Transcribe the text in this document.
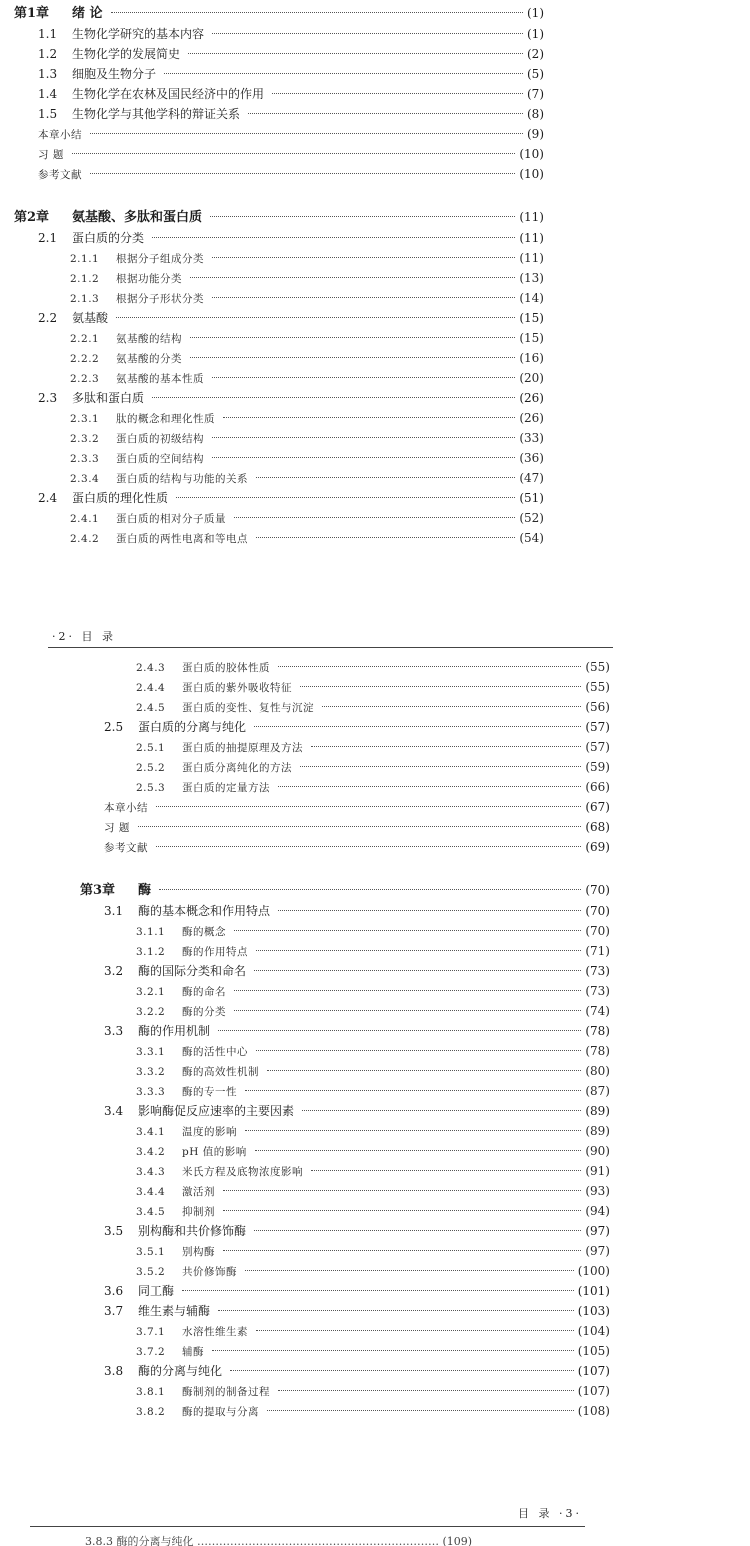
第1章	绪 论	(1)
1.1	生物化学研究的基本内容	(1)
1.2	生物化学的发展简史	(2)
1.3	细胞及生物分子	(5)
1.4	生物化学在农林及国民经济中的作用	(7)
1.5	生物化学与其他学科的辩证关系	(8)
本章小结	(9)
习 题	(10)
参考文献	(10)
第2章	氨基酸、多肽和蛋白质	(11)
2.1	蛋白质的分类	(11)
2.1.1	根据分子组成分类	(11)
2.1.2	根据功能分类	(13)
2.1.3	根据分子形状分类	(14)
2.2	氨基酸	(15)
2.2.1	氨基酸的结构	(15)
2.2.2	氨基酸的分类	(16)
2.2.3	氨基酸的基本性质	(20)
2.3	多肽和蛋白质	(26)
2.3.1	肽的概念和理化性质	(26)
2.3.2	蛋白质的初级结构	(33)
2.3.3	蛋白质的空间结构	(36)
2.3.4	蛋白质的结构与功能的关系	(47)
2.4	蛋白质的理化性质	(51)
2.4.1	蛋白质的相对分子质量	(52)
2.4.2	蛋白质的两性电离和等电点	(54)
·2· 目 录
2.4.3	蛋白质的胶体性质	(55)
2.4.4	蛋白质的紫外吸收特征	(55)
2.4.5	蛋白质的变性、复性与沉淀	(56)
2.5	蛋白质的分离与纯化	(57)
2.5.1	蛋白质的抽提原理及方法	(57)
2.5.2	蛋白质分离纯化的方法	(59)
2.5.3	蛋白质的定量方法	(66)
本章小结	(67)
习 题	(68)
参考文献	(69)
第3章	酶	(70)
3.1	酶的基本概念和作用特点	(70)
3.1.1	酶的概念	(70)
3.1.2	酶的作用特点	(71)
3.2	酶的国际分类和命名	(73)
3.2.1	酶的命名	(73)
3.2.2	酶的分类	(74)
3.3	酶的作用机制	(78)
3.3.1	酶的活性中心	(78)
3.3.2	酶的高效性机制	(80)
3.3.3	酶的专一性	(87)
3.4	影响酶促反应速率的主要因素	(89)
3.4.1	温度的影响	(89)
3.4.2	pH 值的影响	(90)
3.4.3	米氏方程及底物浓度影响	(91)
3.4.4	激活剂	(93)
3.4.5	抑制剂	(94)
3.5	别构酶和共价修饰酶	(97)
3.5.1	别构酶	(97)
3.5.2	共价修饰酶	(100)
3.6	同工酶	(101)
3.7	维生素与辅酶	(103)
3.7.1	水溶性维生素	(104)
3.7.2	辅酶	(105)
3.8	酶的分离与纯化	(107)
3.8.1	酶制剂的制备过程	(107)
3.8.2	酶的提取与分离	(108)
目 录 ·3·
3.8.3 酶的分离与纯化 ………………………………………………………… (109)
